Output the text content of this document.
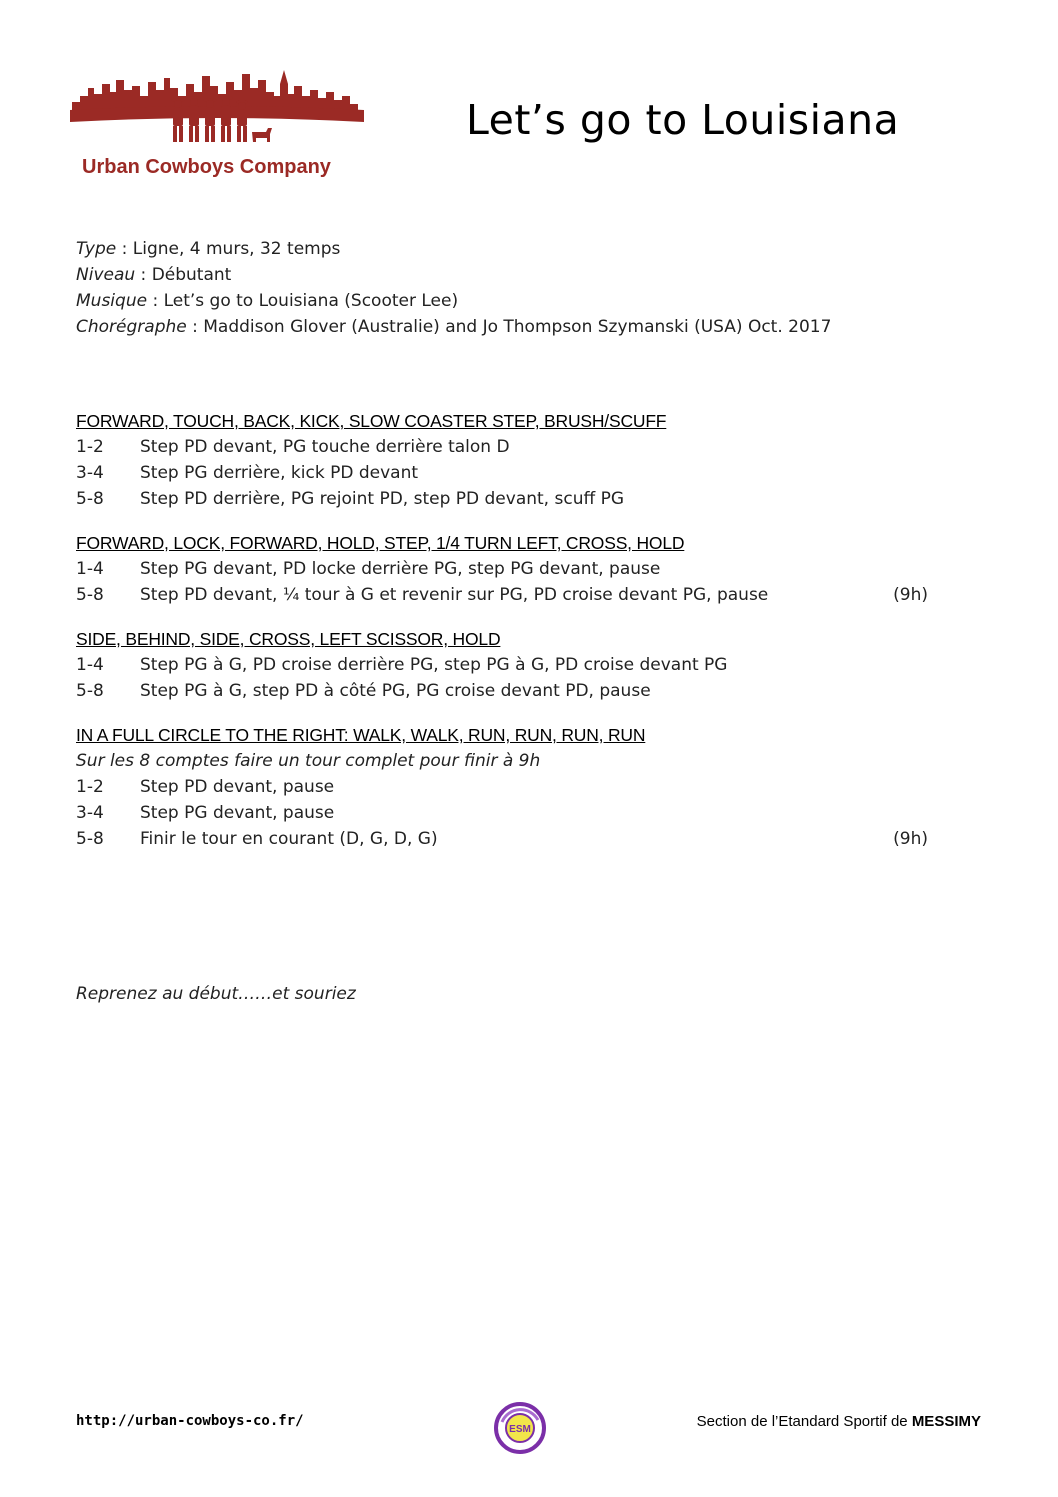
Urban Cowboys Company
Let’s go to Louisiana
Type : Ligne, 4 murs, 32 temps
Niveau : Débutant
Musique : Let’s go to Louisiana (Scooter Lee)
Chorégraphe : Maddison Glover (Australie) and Jo Thompson Szymanski (USA) Oct. 2017
FORWARD, TOUCH, BACK, KICK, SLOW COASTER STEP, BRUSH/SCUFF
1-2	Step PD devant, PG touche derrière talon D
3-4	Step PG derrière, kick PD devant
5-8	Step PD derrière, PG rejoint PD, step PD devant, scuff PG
FORWARD, LOCK, FORWARD, HOLD, STEP, 1/4 TURN LEFT, CROSS, HOLD
1-4	Step PG devant, PD locke derrière PG, step PG devant, pause
5-8	Step PD devant, ¼ tour à G et revenir sur PG, PD croise devant PG, pause	(9h)
SIDE, BEHIND, SIDE, CROSS, LEFT SCISSOR, HOLD
1-4	Step PG à G, PD croise derrière PG, step PG à G, PD croise devant PG
5-8	Step PG à G, step PD à côté PG, PG croise devant PD, pause
IN A FULL CIRCLE TO THE RIGHT: WALK, WALK, RUN, RUN, RUN, RUN
Sur les 8 comptes faire un tour complet pour finir à 9h
1-2	Step PD devant, pause
3-4	Step PG devant, pause
5-8	Finir le tour en courant (D, G, D, G)	(9h)
Reprenez au début……et souriez
http://urban-cowboys-co.fr/
ESM	Section de l’Etandard Sportif de MESSIMY
